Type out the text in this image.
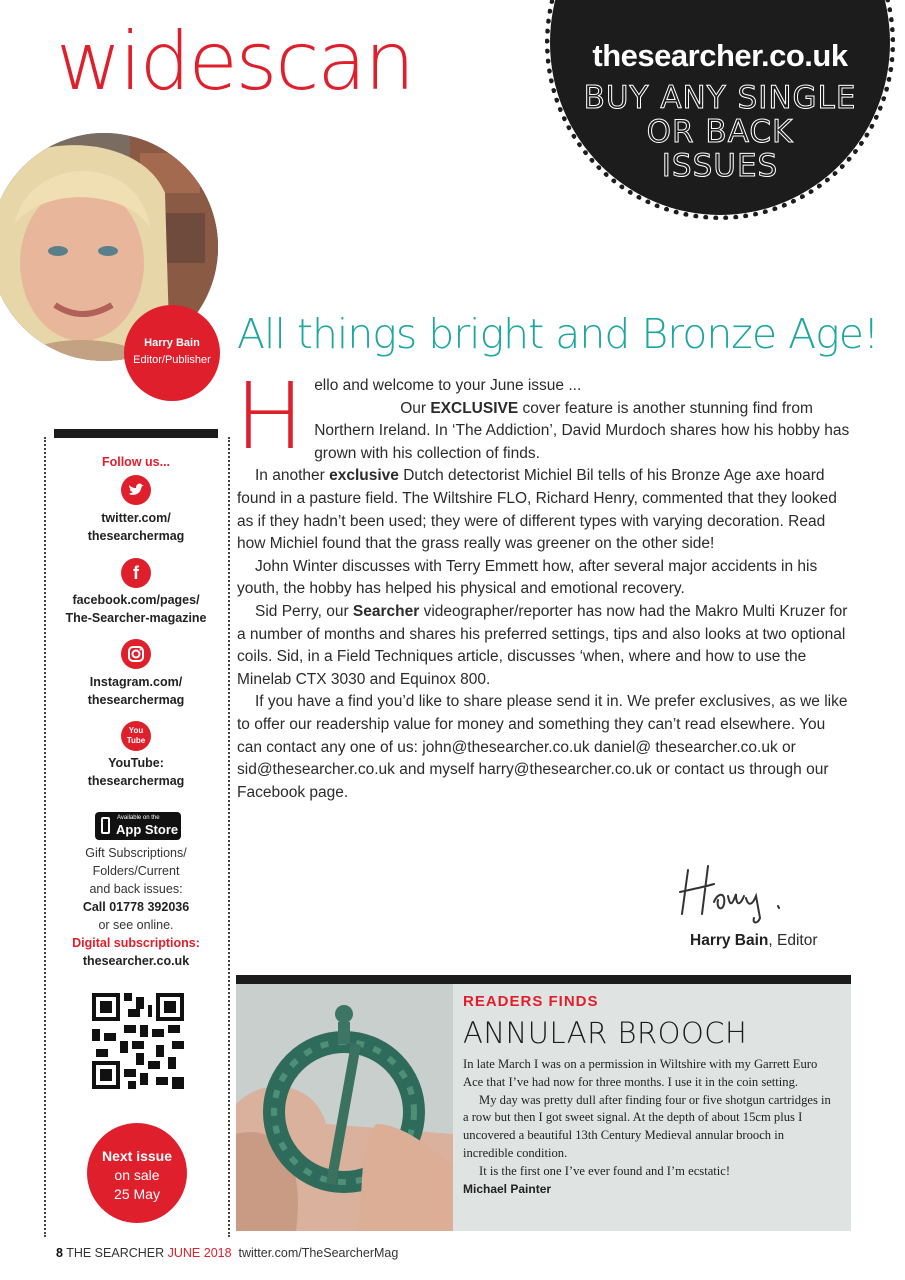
widescan	thesearcher.co.uk
BUY ANY SINGLE
OR BACK
ISSUES
Harry Bain
Editor/Publisher
Follow us...
twitter.com/
thesearchermag
f
facebook.com/pages/
The-Searcher-magazine
Instagram.com/
thesearchermag
You Tube
YouTube:
thesearchermag
Available on the
App Store
Gift Subscriptions/
Folders/Current
and back issues:
Call 01778 392036
or see online.
Digital subscriptions:
thesearcher.co.uk
Next issue
on sale
25 May
All things bright and Bronze Age!
H ello and welcome to your June issue ...

Our EXCLUSIVE cover feature is another stunning find from Northern Ireland. In ‘The Addiction’, David Murdoch shares how his hobby has grown with his collection of finds.

In another exclusive Dutch detectorist Michiel Bil tells of his Bronze Age axe hoard found in a pasture field. The Wiltshire FLO, Richard Henry, commented that they looked as if they hadn’t been used; they were of different types with varying decoration. Read how Michiel found that the grass really was greener on the other side!

John Winter discusses with Terry Emmett how, after several major accidents in his youth, the hobby has helped his physical and emotional recovery.

Sid Perry, our Searcher videographer/reporter has now had the Makro Multi Kruzer for a number of months and shares his preferred settings, tips and also looks at two optional coils. Sid, in a Field Techniques article, discusses ‘when, where and how to use the Minelab CTX 3030 and Equinox 800.

If you have a find you’d like to share please send it in. We prefer exclusives, as we like to offer our readership value for money and something they can’t read elsewhere. You can contact any one of us: john@thesearcher.co.uk daniel@ thesearcher.co.uk or sid@thesearcher.co.uk and myself harry@thesearcher.co.uk or contact us through our Facebook page.

Harry Bain, Editor
READERS FINDS
ANNULAR BROOCH

In late March I was on a permission in Wiltshire with my Garrett Euro Ace that I’ve had now for three months. I use it in the coin setting.

My day was pretty dull after finding four or five shotgun cartridges in a row but then I got sweet signal. At the depth of about 15cm plus I uncovered a beautiful 13th Century Medieval annular brooch in incredible condition.

It is the first one I’ve ever found and I’m ecstatic!

Michael Painter

8 THE SEARCHER JUNE 2018 twitter.com/TheSearcherMag
